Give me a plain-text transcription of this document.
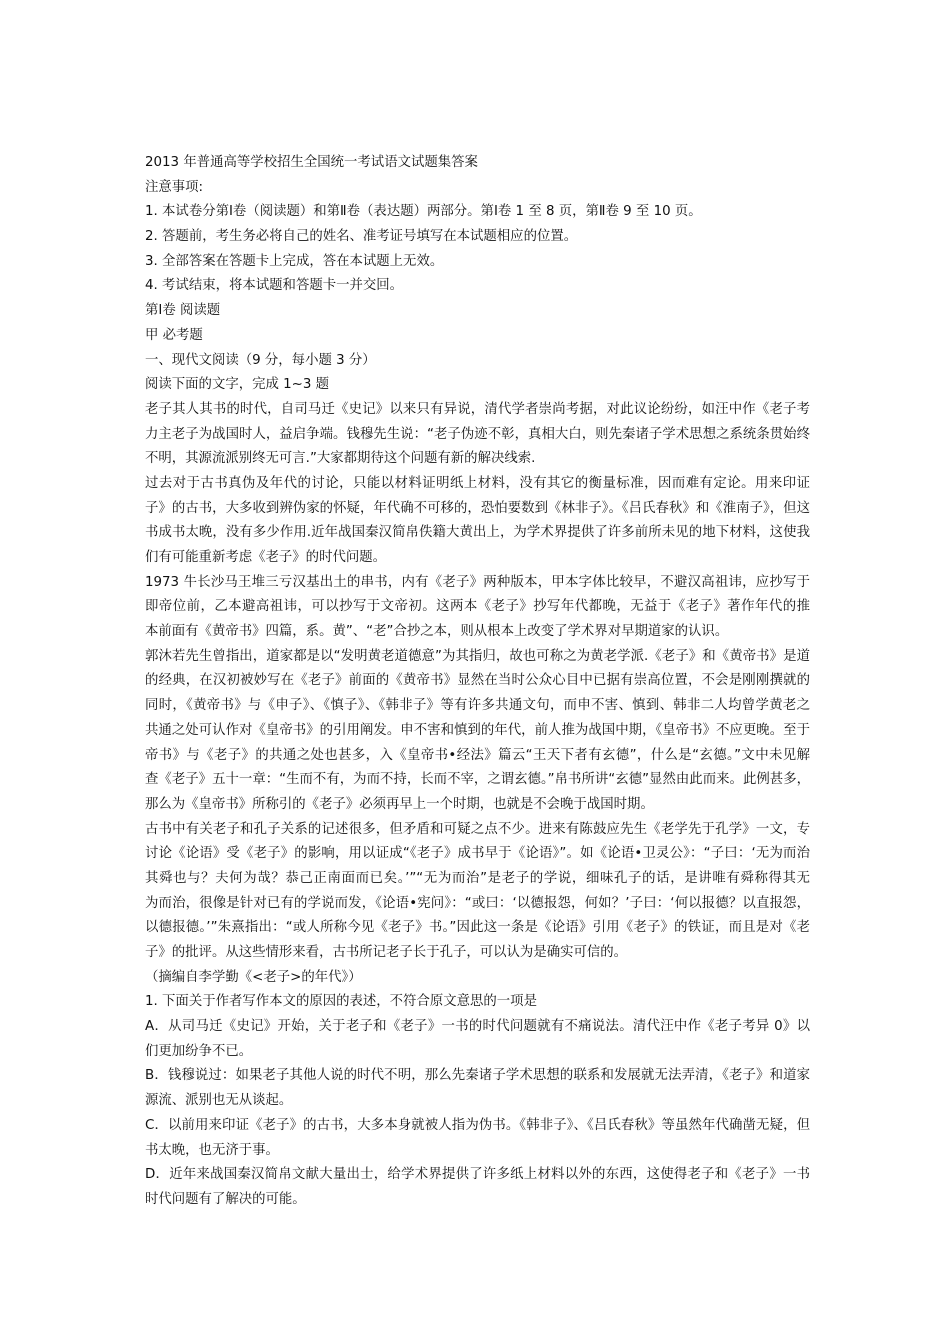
2013 年普通高等学校招生全国统一考试语文试题集答案
注意事项:
1. 本试卷分第Ⅰ卷（阅读题）和第Ⅱ卷（表达题）两部分。第Ⅰ卷 1 至 8 页，第Ⅱ卷 9 至 10 页。
2. 答题前，考生务必将自己的姓名、准考证号填写在本试题相应的位置。
3. 全部答案在答题卡上完成，答在本试题上无效。
4. 考试结束，将本试题和答题卡一并交回。
第Ⅰ卷 阅读题
甲 必考题
一、现代文阅读（9 分，每小题 3 分）
阅读下面的文字，完成 1~3 题
老子其人其书的时代，自司马迁《史记》以来只有异说，清代学者崇尚考据，对此议论纷纷，如汪中作《老子考
力主老子为战国时人，益启争端。钱穆先生说：“老子伪迹不彰，真相大白，则先秦诸子学术思想之系统条贯始终
不明，其源流派别终无可言.”大家都期待这个问题有新的解决线索.
过去对于古书真伪及年代的讨论，只能以材料证明纸上材料，没有其它的衡量标准，因而难有定论。用来印证
子》的古书，大多收到辨伪家的怀疑，年代确不可移的，恐怕要数到《林非子》。《吕氏春秋》和《淮南子》，但这
书成书太晚，没有多少作用.近年战国秦汉简帛佚籍大黄出上，为学术界提供了许多前所未见的地下材料，这使我
们有可能重新考虑《老子》的时代问题。
1973 牛长沙马王堆三亏汉基出土的串书，内有《老子》两种版本，甲本字体比较早，不避汉高祖讳，应抄写于
即帝位前，乙本避高祖讳，可以抄写于文帝初。这两本《老子》抄写年代都晚，无益于《老子》著作年代的推
本前面有《黄帝书》四篇，系。黄”、“老”合抄之本，则从根本上改变了学术界对早期道家的认识。
郭沐若先生曾指出，道家都是以“发明黄老道德意”为其指归，故也可称之为黄老学派.《老子》和《黄帝书》是道
的经典，在汉初被妙写在《老子》前面的《黄帝书》显然在当时公众心目中已据有崇高位置，不会是刚刚撰就的
同时，《黄帝书》与《申子》、《慎子》、《韩非子》等有许多共通文句，而申不害、慎到、韩非二人均曾学黄老之
共通之处可认作对《皇帝书》的引用阐发。申不害和慎到的年代，前人推为战国中期，《皇帝书》不应更晚。至于
帝书》与《老子》的共通之处也甚多，入《皇帝书•经法》篇云“王天下者有玄德”，什么是“玄德。”文中未见解
查《老子》五十一章：“生而不有，为而不持，长而不宰，之谓玄德。”帛书所讲“玄德”显然由此而来。此例甚多，
那么为《皇帝书》所称引的《老子》必须再早上一个时期，也就是不会晚于战国时期。
古书中有关老子和孔子关系的记述很多，但矛盾和可疑之点不少。进来有陈鼓应先生《老学先于孔学》一文，专
讨论《论语》受《老子》的影响，用以证成“《老子》成书早于《论语》”。如《论语•卫灵公》：“子曰：‘无为而治
其舜也与？夫何为哉？恭己正南面而已矣。’”“无为而治”是老子的学说，细味孔子的话，是讲唯有舜称得其无
为而治，很像是针对已有的学说而发，《论语•宪问》：“或曰：‘以德报怨，何如？’子曰：‘何以报德？以直报怨，
以德报德。’”朱熹指出：“或人所称今见《老子》书。”因此这一条是《论语》引用《老子》的铁证，而且是对《老
子》的批评。从这些情形来看，古书所记老子长于孔子，可以认为是确实可信的。
（摘编自李学勤《<老子>的年代》）
1. 下面关于作者写作本文的原因的表述，不符合原文意思的一项是
A．从司马迁《史记》开始，关于老子和《老子》一书的时代问题就有不痛说法。清代汪中作《老子考异 0》以
们更加纷争不已。
B．钱穆说过：如果老子其他人说的时代不明，那么先秦诸子学术思想的联系和发展就无法弄清，《老子》和道家
源流、派别也无从谈起。
C．以前用来印证《老子》的古书，大多本身就被人指为伪书。《韩非子》、《吕氏春秋》等虽然年代确凿无疑，但
书太晚，也无济于事。
D．近年来战国秦汉简帛文献大量出士，给学术界提供了许多纸上材料以外的东西，这使得老子和《老子》一书
时代问题有了解决的可能。
